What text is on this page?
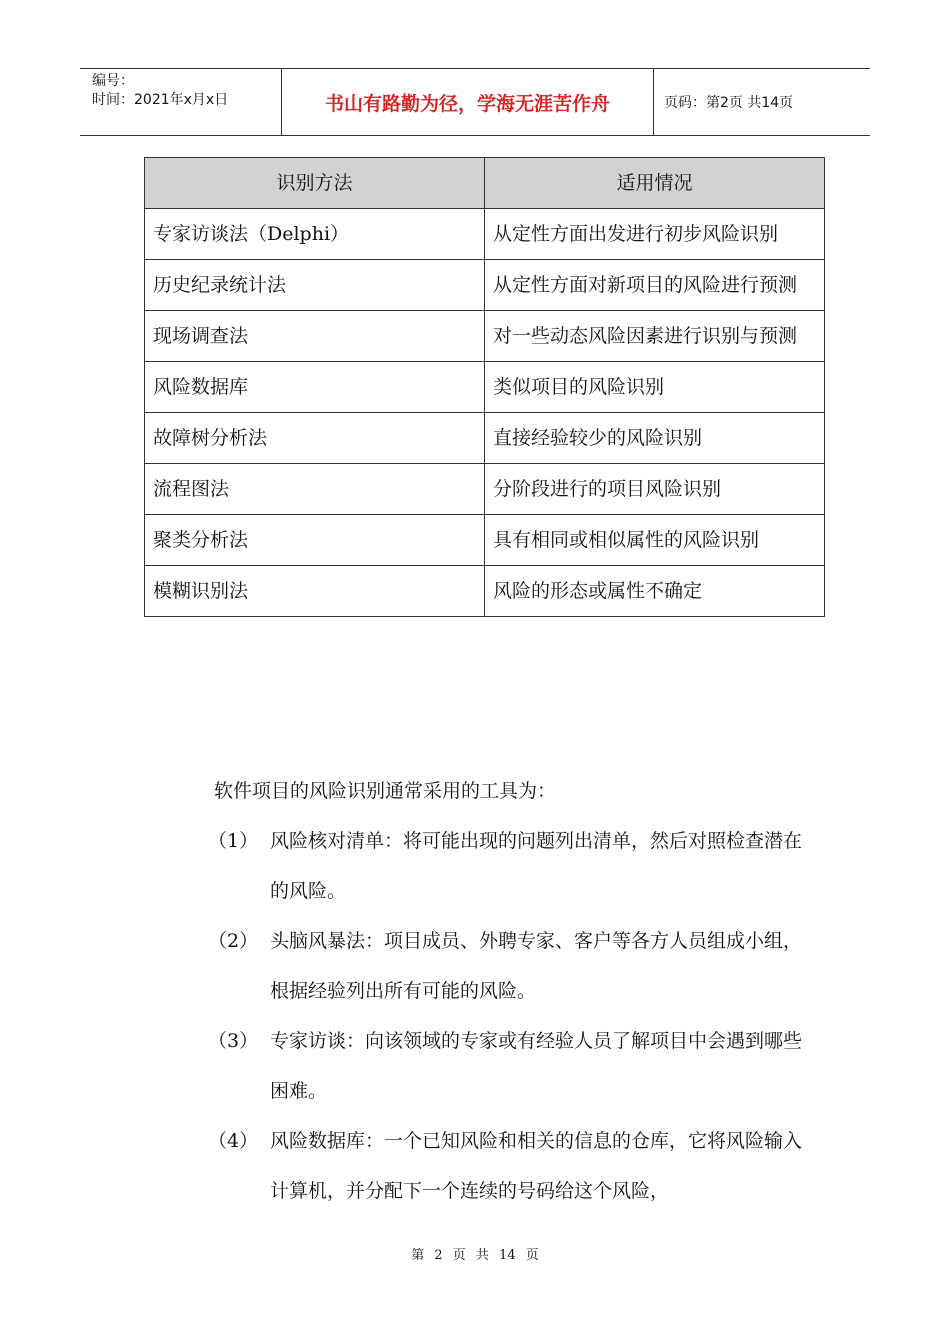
编号：
时间：2021年x月x日	书山有路勤为径，学海无涯苦作舟	页码：第2页 共14页
识别方法	适用情况
专家访谈法（Delphi）	从定性方面出发进行初步风险识别
历史纪录统计法	从定性方面对新项目的风险进行预测
现场调查法	对一些动态风险因素进行识别与预测
风险数据库	类似项目的风险识别
故障树分析法	直接经验较少的风险识别
流程图法	分阶段进行的项目风险识别
聚类分析法	具有相同或相似属性的风险识别
模糊识别法	风险的形态或属性不确定
软件项目的风险识别通常采用的工具为：
（1） 风险核对清单：将可能出现的问题列出清单，然后对照检查潜在的风险。
（2） 头脑风暴法：项目成员、外聘专家、客户等各方人员组成小组，根据经验列出所有可能的风险。
（3） 专家访谈：向该领域的专家或有经验人员了解项目中会遇到哪些困难。
（4） 风险数据库：一个已知风险和相关的信息的仓库，它将风险输入计算机，并分配下一个连续的号码给这个风险，
第 2 页 共 14 页
